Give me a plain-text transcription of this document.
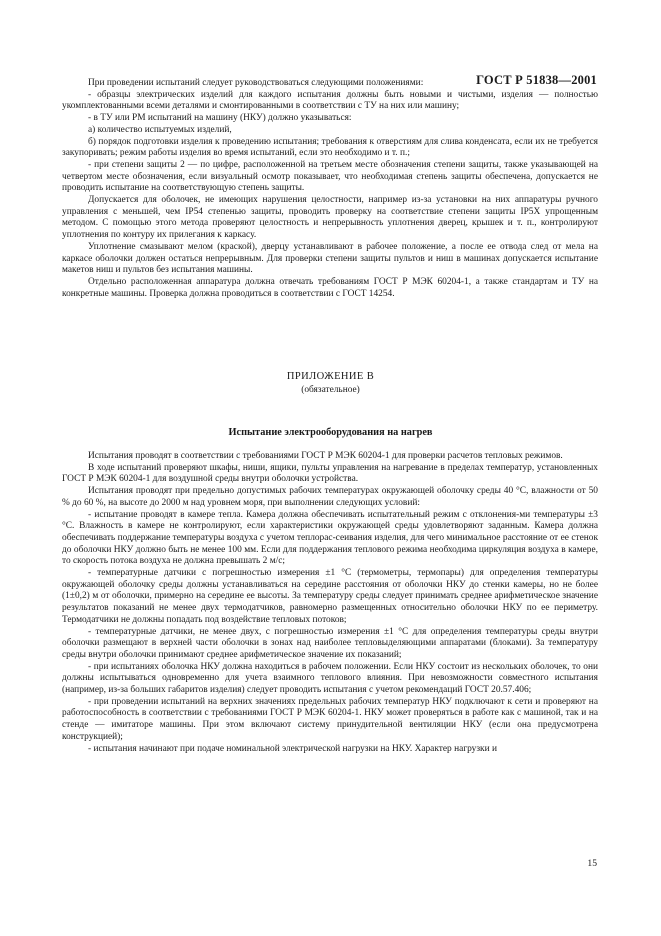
ГОСТ Р 51838—2001

При проведении испытаний следует руководствоваться следующими положениями:

- образцы электрических изделий для каждого испытания должны быть новыми и чистыми, изделия — полностью укомплектованными всеми деталями и смонтированными в соответствии с ТУ на них или машину;

- в ТУ или РМ испытаний на машину (НКУ) должно указываться:

а) количество испытуемых изделий,

б) порядок подготовки изделия к проведению испытания; требования к отверстиям для слива конденсата, если их не требуется закупоривать; режим работы изделия во время испытаний, если это необходимо и т. п.;

- при степени защиты 2 — по цифре, расположенной на третьем месте обозначения степени защиты, также указывающей на четвертом месте обозначения, если визуальный осмотр показывает, что необходимая степень защиты обеспечена, допускается не проводить испытание на соответствующую степень защиты.

Допускается для оболочек, не имеющих нарушения целостности, например из-за установки на них аппаратуры ручного управления с меньшей, чем IP54 степенью защиты, проводить проверку на соответствие степени защиты IP5X упрощенным методом. С помощью этого метода проверяют целостность и непрерывность уплотнения дверец, крышек и т. п., контролируют уплотнения по контуру их прилегания к каркасу.

Уплотнение смазывают мелом (краской), дверцу устанавливают в рабочее положение, а после ее отвода след от мела на каркасе оболочки должен остаться непрерывным. Для проверки степени защиты пультов и ниш в машинах допускается испытание макетов ниш и пультов без испытания машины.

Отдельно расположенная аппаратура должна отвечать требованиям ГОСТ Р МЭК 60204-1, а также стандартам и ТУ на конкретные машины. Проверка должна проводиться в соответствии с ГОСТ 14254.

ПРИЛОЖЕНИЕ В
(обязательное)
Испытание электрооборудования на нагрев

Испытания проводят в соответствии с требованиями ГОСТ Р МЭК 60204-1 для проверки расчетов тепловых режимов.

В ходе испытаний проверяют шкафы, ниши, ящики, пульты управления на нагревание в пределах температур, установленных ГОСТ Р МЭК 60204-1 для воздушной среды внутри оболочки устройства.

Испытания проводят при предельно допустимых рабочих температурах окружающей оболочку среды 40 °С, влажности от 50 % до 60 %, на высоте до 2000 м над уровнем моря, при выполнении следующих условий:

- испытание проводят в камере тепла. Камера должна обеспечивать испытательный режим с отклонения-ми температуры ±3 °С. Влажность в камере не контролируют, если характеристики окружающей среды удовлетворяют заданным. Камера должна обеспечивать поддержание температуры воздуха с учетом теплорас-сеивания изделия, для чего минимальное расстояние от ее стенок до оболочки НКУ должно быть не менее 100 мм. Если для поддержания теплового режима необходима циркуляция воздуха в камере, то скорость потока воздуха не должна превышать 2 м/с;

- температурные датчики с погрешностью измерения ±1 °С (термометры, термопары) для определения температуры окружающей оболочку среды должны устанавливаться на середине расстояния от оболочки НКУ до стенки камеры, но не более (1±0,2) м от оболочки, примерно на середине ее высоты. За температуру среды следует принимать среднее арифметическое значение результатов показаний не менее двух термодатчиков, равномерно размещенных относительно оболочки НКУ по ее периметру. Термодатчики не должны попадать под воздействие тепловых потоков;

- температурные датчики, не менее двух, с погрешностью измерения ±1 °С для определения температуры среды внутри оболочки размещают в верхней части оболочки в зонах над наиболее тепловыделяющими аппаратами (блоками). За температуру среды внутри оболочки принимают среднее арифметическое значение их показаний;

- при испытаниях оболочка НКУ должна находиться в рабочем положении. Если НКУ состоит из нескольких оболочек, то они должны испытываться одновременно для учета взаимного теплового влияния. При невозможности совместного испытания (например, из-за больших габаритов изделия) следует проводить испытания с учетом рекомендаций ГОСТ 20.57.406;

- при проведении испытаний на верхних значениях предельных рабочих температур НКУ подключают к сети и проверяют на работоспособность в соответствии с требованиями ГОСТ Р МЭК 60204-1. НКУ может проверяться в работе как с машиной, так и на стенде — имитаторе машины. При этом включают систему принудительной вентиляции НКУ (если она предусмотрена конструкцией);

- испытания начинают при подаче номинальной электрической нагрузки на НКУ. Характер нагрузки и

15
